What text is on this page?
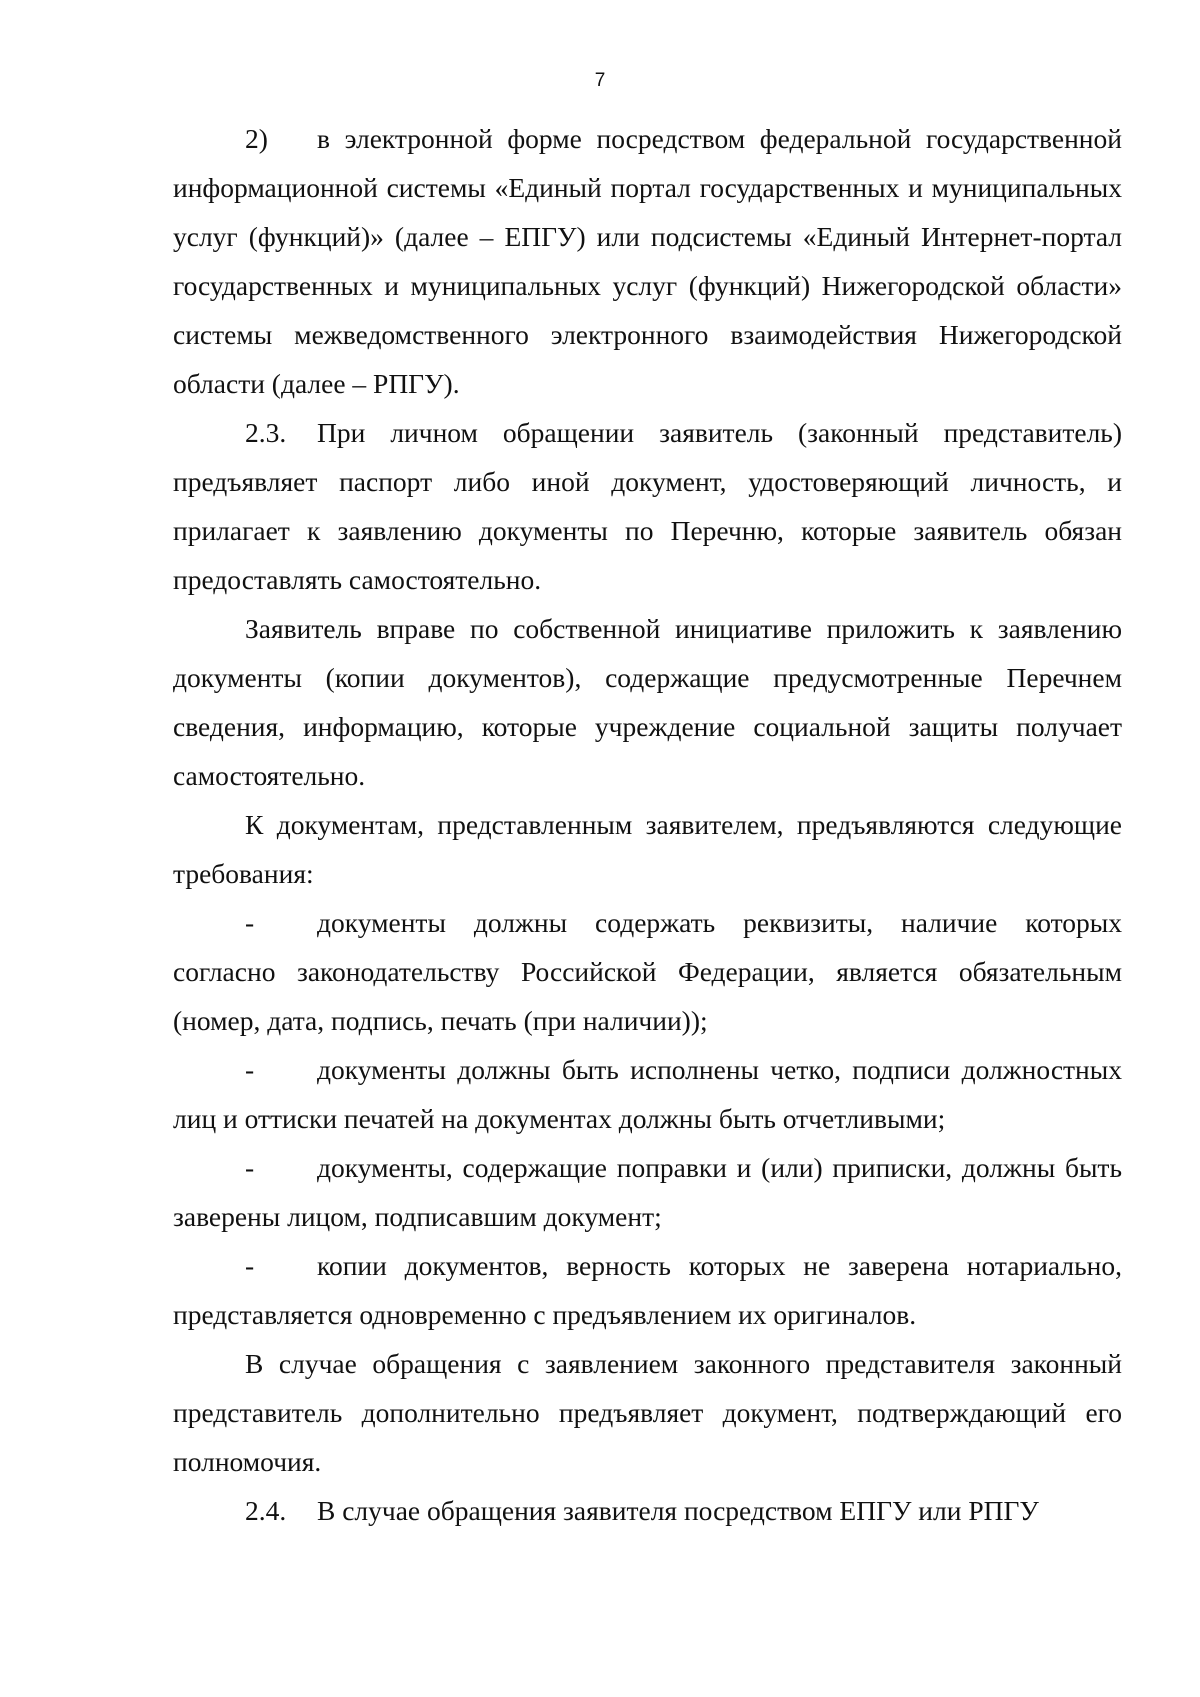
7

2) в электронной форме посредством федеральной государственной информационной системы «Единый портал государственных и муниципальных услуг (функций)» (далее – ЕПГУ) или подсистемы «Единый Интернет-портал государственных и муниципальных услуг (функций) Нижегородской области» системы межведомственного электронного взаимодействия Нижегородской области (далее – РПГУ).

2.3. При личном обращении заявитель (законный представитель) предъявляет паспорт либо иной документ, удостоверяющий личность, и прилагает к заявлению документы по Перечню, которые заявитель обязан предоставлять самостоятельно.

Заявитель вправе по собственной инициативе приложить к заявлению документы (копии документов), содержащие предусмотренные Перечнем сведения, информацию, которые учреждение социальной защиты получает самостоятельно.

К документам, представленным заявителем, предъявляются следующие требования:

- документы должны содержать реквизиты, наличие которых согласно законодательству Российской Федерации, является обязательным (номер, дата, подпись, печать (при наличии));

- документы должны быть исполнены четко, подписи должностных лиц и оттиски печатей на документах должны быть отчетливыми;

- документы, содержащие поправки и (или) приписки, должны быть заверены лицом, подписавшим документ;

- копии документов, верность которых не заверена нотариально, представляется одновременно с предъявлением их оригиналов.

В случае обращения с заявлением законного представителя законный представитель дополнительно предъявляет документ, подтверждающий его полномочия.

2.4. В случае обращения заявителя посредством ЕПГУ или РПГУ
